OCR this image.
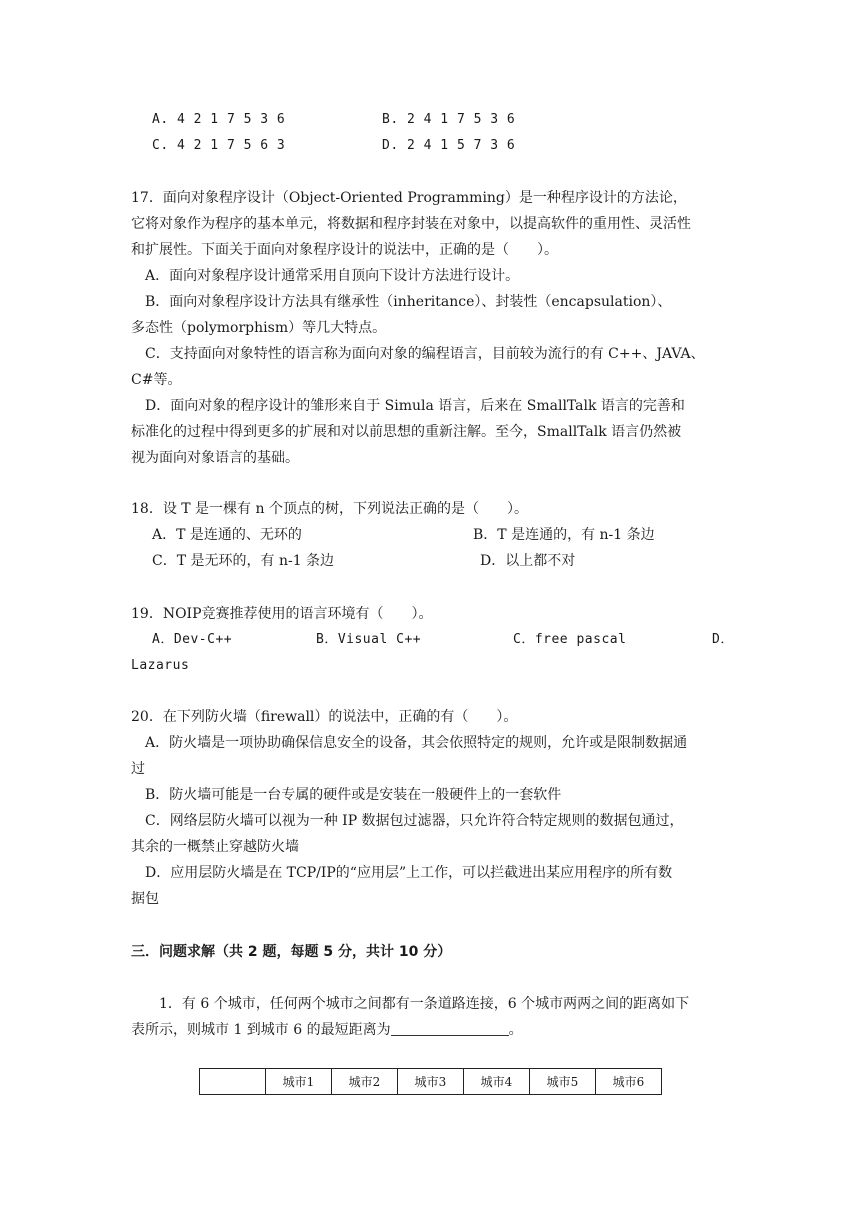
A. 4 2 1 7 5 3 6	B. 2 4 1 7 5 3 6
C. 4 2 1 7 5 6 3	D. 2 4 1 5 7 3 6
17．面向对象程序设计（Object-Oriented Programming）是一种程序设计的方法论，
它将对象作为程序的基本单元，将数据和程序封装在对象中，以提高软件的重用性、灵活性
和扩展性。下面关于面向对象程序设计的说法中，正确的是（　　）。
A．面向对象程序设计通常采用自顶向下设计方法进行设计。
B．面向对象程序设计方法具有继承性（inheritance）、封装性（encapsulation）、
多态性（polymorphism）等几大特点。
C．支持面向对象特性的语言称为面向对象的编程语言，目前较为流行的有 C++、JAVA、
C#等。
D．面向对象的程序设计的雏形来自于 Simula 语言，后来在 SmallTalk 语言的完善和
标准化的过程中得到更多的扩展和对以前思想的重新注解。至今，SmallTalk 语言仍然被
视为面向对象语言的基础。
18．设 T 是一棵有 n 个顶点的树，下列说法正确的是（　　）。
A．T 是连通的、无环的	B．T 是连通的，有 n-1 条边
C．T 是无环的，有 n-1 条边	D．以上都不对
19．NOIP竞赛推荐使用的语言环境有（　　）。
A．Dev-C++	B．Visual C++	C．free pascal	D．
Lazarus
20．在下列防火墙（firewall）的说法中，正确的有（　　）。
A．防火墙是一项协助确保信息安全的设备，其会依照特定的规则，允许或是限制数据通
过
B．防火墙可能是一台专属的硬件或是安装在一般硬件上的一套软件
C．网络层防火墙可以视为一种 IP 数据包过滤器，只允许符合特定规则的数据包通过，
其余的一概禁止穿越防火墙
D．应用层防火墙是在 TCP/IP的“应用层”上工作，可以拦截进出某应用程序的所有数
据包
三．问题求解（共 2 题，每题 5 分，共计 10 分）
1．有 6 个城市，任何两个城市之间都有一条道路连接，6 个城市两两之间的距离如下
表所示，则城市 1 到城市 6 的最短距离为	。
	城市1	城市2	城市3	城市4	城市5	城市6
